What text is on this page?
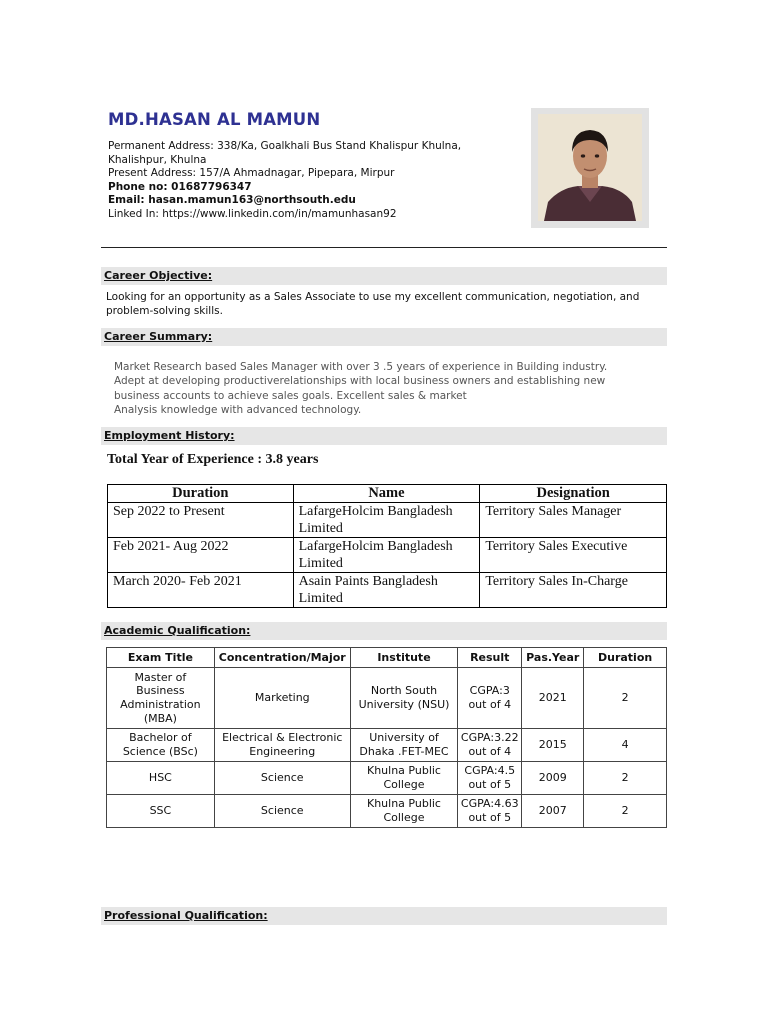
MD.HASAN AL MAMUN
Permanent Address: 338/Ka, Goalkhali Bus Stand Khalispur Khulna,
Khalishpur, Khulna
Present Address: 157/A Ahmadnagar, Pipepara, Mirpur
Phone no: 01687796347
Email: hasan.mamun163@northsouth.edu
Linked In: https://www.linkedin.com/in/mamunhasan92
Career Objective:
Looking for an opportunity as a Sales Associate to use my excellent communication, negotiation, and problem-solving skills.
Career Summary:
Market Research based Sales Manager with over 3 .5 years of experience in Building industry.
Adept at developing productiverelationships with local business owners and establishing new
business accounts to achieve sales goals. Excellent sales & market
Analysis knowledge with advanced technology.
Employment History:
Total Year of Experience : 3.8 years
Duration	Name	Designation
Sep 2022 to Present	LafargeHolcim Bangladesh Limited	Territory Sales Manager
Feb 2021- Aug 2022	LafargeHolcim Bangladesh Limited	Territory Sales Executive
March 2020- Feb 2021	Asain Paints Bangladesh Limited	Territory Sales In-Charge
Academic Qualification:
Exam Title	Concentration/Major	Institute	Result	Pas.Year	Duration
Master of Business Administration (MBA)	Marketing	North South University (NSU)	CGPA:3 out of 4	2021	2
Bachelor of Science (BSc)	Electrical & Electronic Engineering	University of Dhaka .FET-MEC	CGPA:3.22 out of 4	2015	4
HSC	Science	Khulna Public College	CGPA:4.5 out of 5	2009	2
SSC	Science	Khulna Public College	CGPA:4.63 out of 5	2007	2
Professional Qualification:
